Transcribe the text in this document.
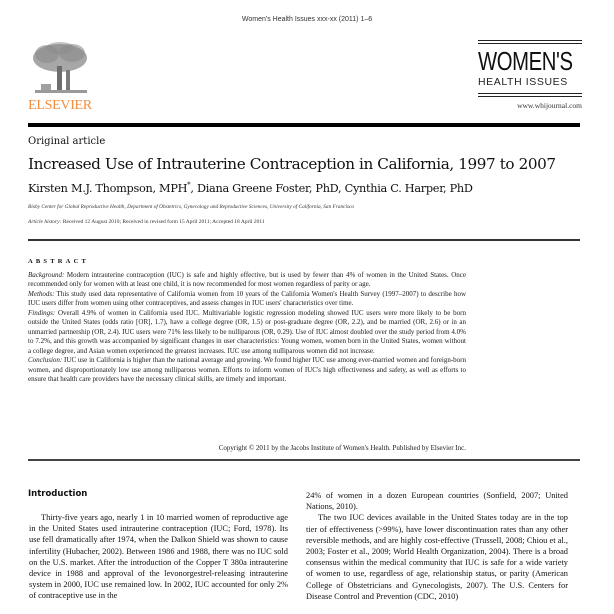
Women's Health Issues xxx-xx (2011) 1–6
ELSEVIER
WOMEN'S
HEALTH ISSUES
www.whijournal.com
Original article
Increased Use of Intrauterine Contraception in California, 1997 to 2007
Kirsten M.J. Thompson, MPH*, Diana Greene Foster, PhD, Cynthia C. Harper, PhD
Bixby Center for Global Reproductive Health, Department of Obstetrics, Gynecology and Reproductive Sciences, University of California, San Francisco
Article history: Received 12 August 2010; Received in revised form 15 April 2011; Accepted 18 April 2011
ABSTRACT

Background: Modern intrauterine contraception (IUC) is safe and highly effective, but is used by fewer than 4% of women in the United States. Once recommended only for women with at least one child, it is now recommended for most women regardless of parity or age.

Methods: This study used data representative of California women from 10 years of the California Women's Health Survey (1997–2007) to describe how IUC users differ from women using other contraceptives, and assess changes in IUC users' characteristics over time.

Findings: Overall 4.9% of women in California used IUC. Multivariable logistic regression modeling showed IUC users were more likely to be born outside the United States (odds ratio [OR], 1.7), have a college degree (OR, 1.5) or post-graduate degree (OR, 2.2), and be married (OR, 2.6) or in an unmarried partnership (OR, 2.4). IUC users were 71% less likely to be nulliparous (OR, 0.29). Use of IUC almost doubled over the study period from 4.0% to 7.2%, and this growth was accompanied by significant changes in user characteristics: Young women, women born in the United States, women without a college degree, and Asian women experienced the greatest increases. IUC use among nulliparous women did not increase.

Conclusion: IUC use in California is higher than the national average and growing. We found higher IUC use among ever-married women and foreign-born women, and disproportionately low use among nulliparous women. Efforts to inform women of IUC's high effectiveness and safety, as well as efforts to ensure that health care providers have the necessary clinical skills, are timely and important.

Copyright © 2011 by the Jacobs Institute of Women's Health. Published by Elsevier Inc.
Introduction

Thirty-five years ago, nearly 1 in 10 married women of reproductive age in the United States used intrauterine contraception (IUC; Ford, 1978). Its use fell dramatically after 1974, when the Dalkon Shield was shown to cause infertility (Hubacher, 2002). Between 1986 and 1988, there was no IUC sold on the U.S. market. After the introduction of the Copper T 380a intrauterine device in 1988 and approval of the levonorgestrel-releasing intrauterine system in 2000, IUC use remained low. In 2002, IUC accounted for only 2% of contraceptive use in the

24% of women in a dozen European countries (Sonfield, 2007; United Nations, 2010).

The two IUC devices available in the United States today are in the top tier of effectiveness (>99%), have lower discontinuation rates than any other reversible methods, and are highly cost-effective (Trussell, 2008; Chiou et al., 2003; Foster et al., 2009; World Health Organization, 2004). There is a broad consensus within the medical community that IUC is safe for a wide variety of women to use, regardless of age, relationship status, or parity (American College of Obstetricians and Gynecologists, 2007). The U.S. Centers for Disease Control and Prevention (CDC, 2010)
